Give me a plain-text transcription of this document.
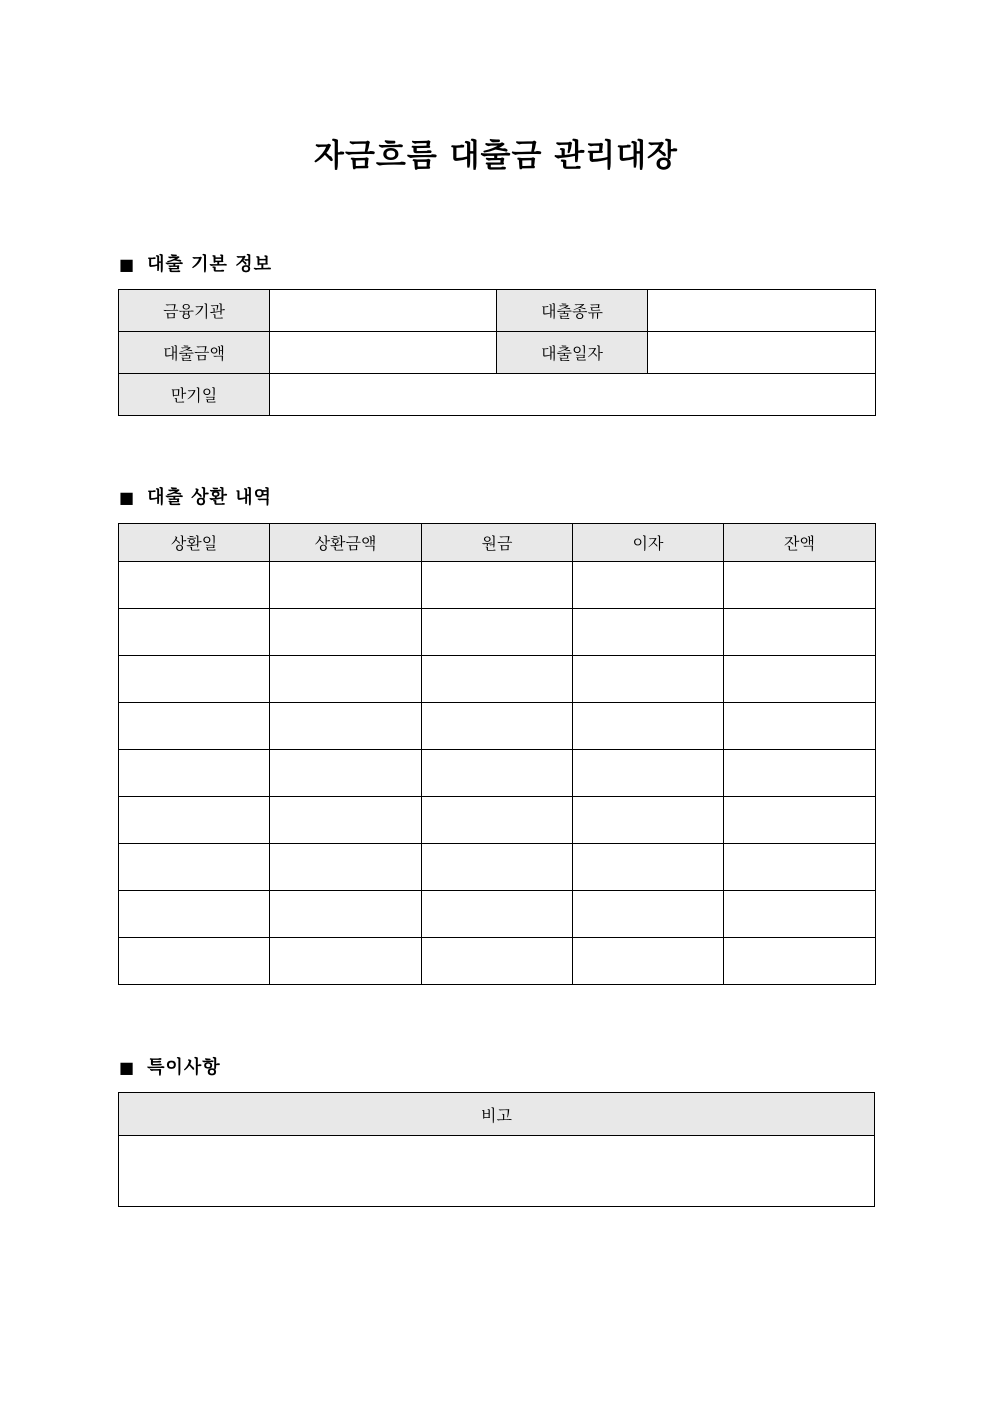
자금흐름 대출금 관리대장
■ 대출 기본 정보
금융기관		대출종류	
대출금액		대출일자	
만기일			
■ 대출 상환 내역
상환일	상환금액	원금	이자	잔액

■ 특이사항
비고
